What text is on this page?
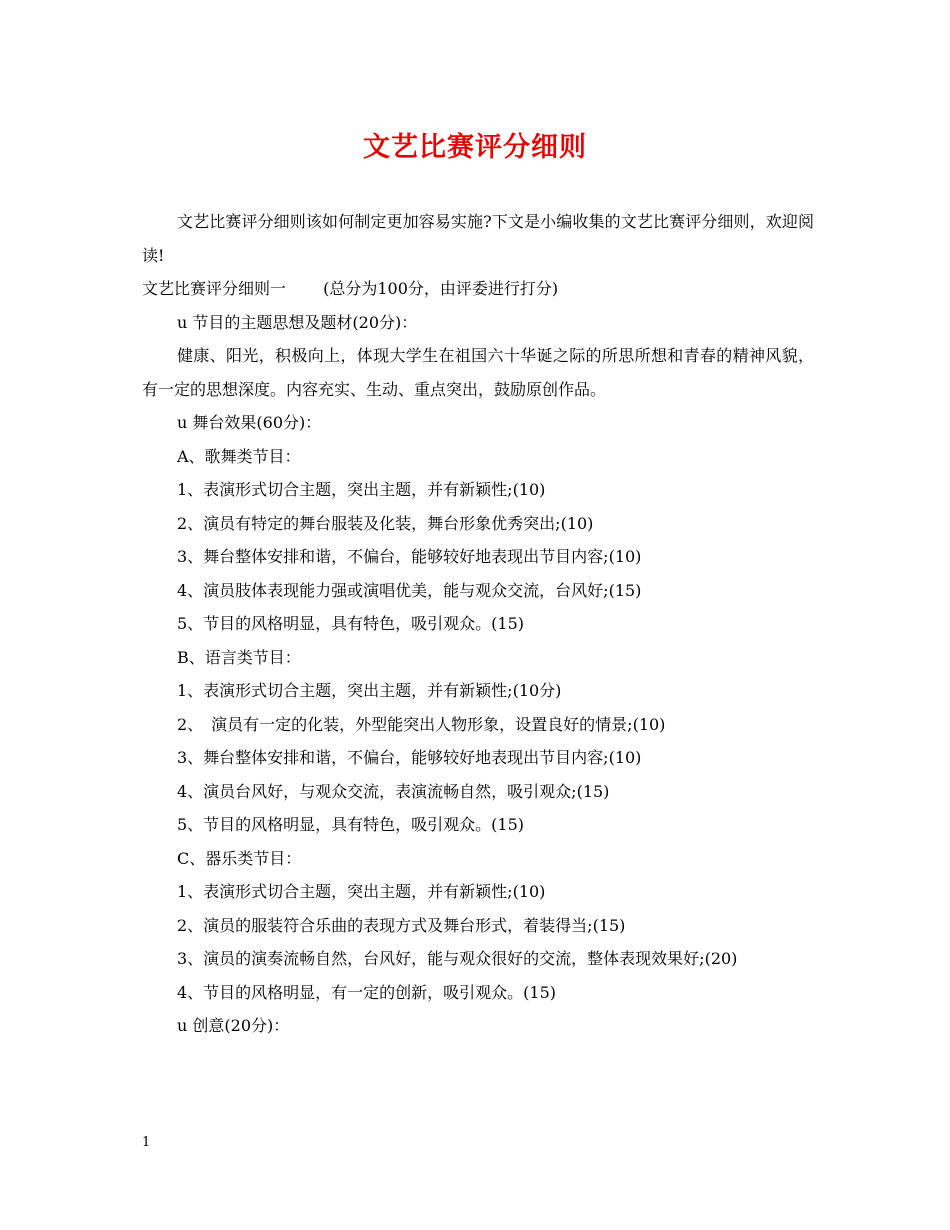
文艺比赛评分细则

文艺比赛评分细则该如何制定更加容易实施?下文是小编收集的文艺比赛评分细则，欢迎阅读!

文艺比赛评分细则一　　 (总分为100分，由评委进行打分)

u 节目的主题思想及题材(20分)：

健康、阳光，积极向上，体现大学生在祖国六十华诞之际的所思所想和青春的精神风貌，有一定的思想深度。内容充实、生动、重点突出，鼓励原创作品。

u 舞台效果(60分)：

A、歌舞类节目：

1、表演形式切合主题，突出主题，并有新颖性;(10)

2、演员有特定的舞台服装及化装，舞台形象优秀突出;(10)

3、舞台整体安排和谐，不偏台，能够较好地表现出节目内容;(10)

4、演员肢体表现能力强或演唱优美，能与观众交流，台风好;(15)

5、节目的风格明显，具有特色，吸引观众。(15)

B、语言类节目：

1、表演形式切合主题，突出主题，并有新颖性;(10分)

2、　演员有一定的化装，外型能突出人物形象，设置良好的情景;(10)

3、舞台整体安排和谐，不偏台，能够较好地表现出节目内容;(10)

4、演员台风好，与观众交流，表演流畅自然，吸引观众;(15)

5、节目的风格明显，具有特色，吸引观众。(15)

C、器乐类节目：

1、表演形式切合主题，突出主题，并有新颖性;(10)

2、演员的服装符合乐曲的表现方式及舞台形式，着装得当;(15)

3、演员的演奏流畅自然，台风好，能与观众很好的交流，整体表现效果好;(20)

4、节目的风格明显，有一定的创新，吸引观众。(15)

u 创意(20分)：

1
